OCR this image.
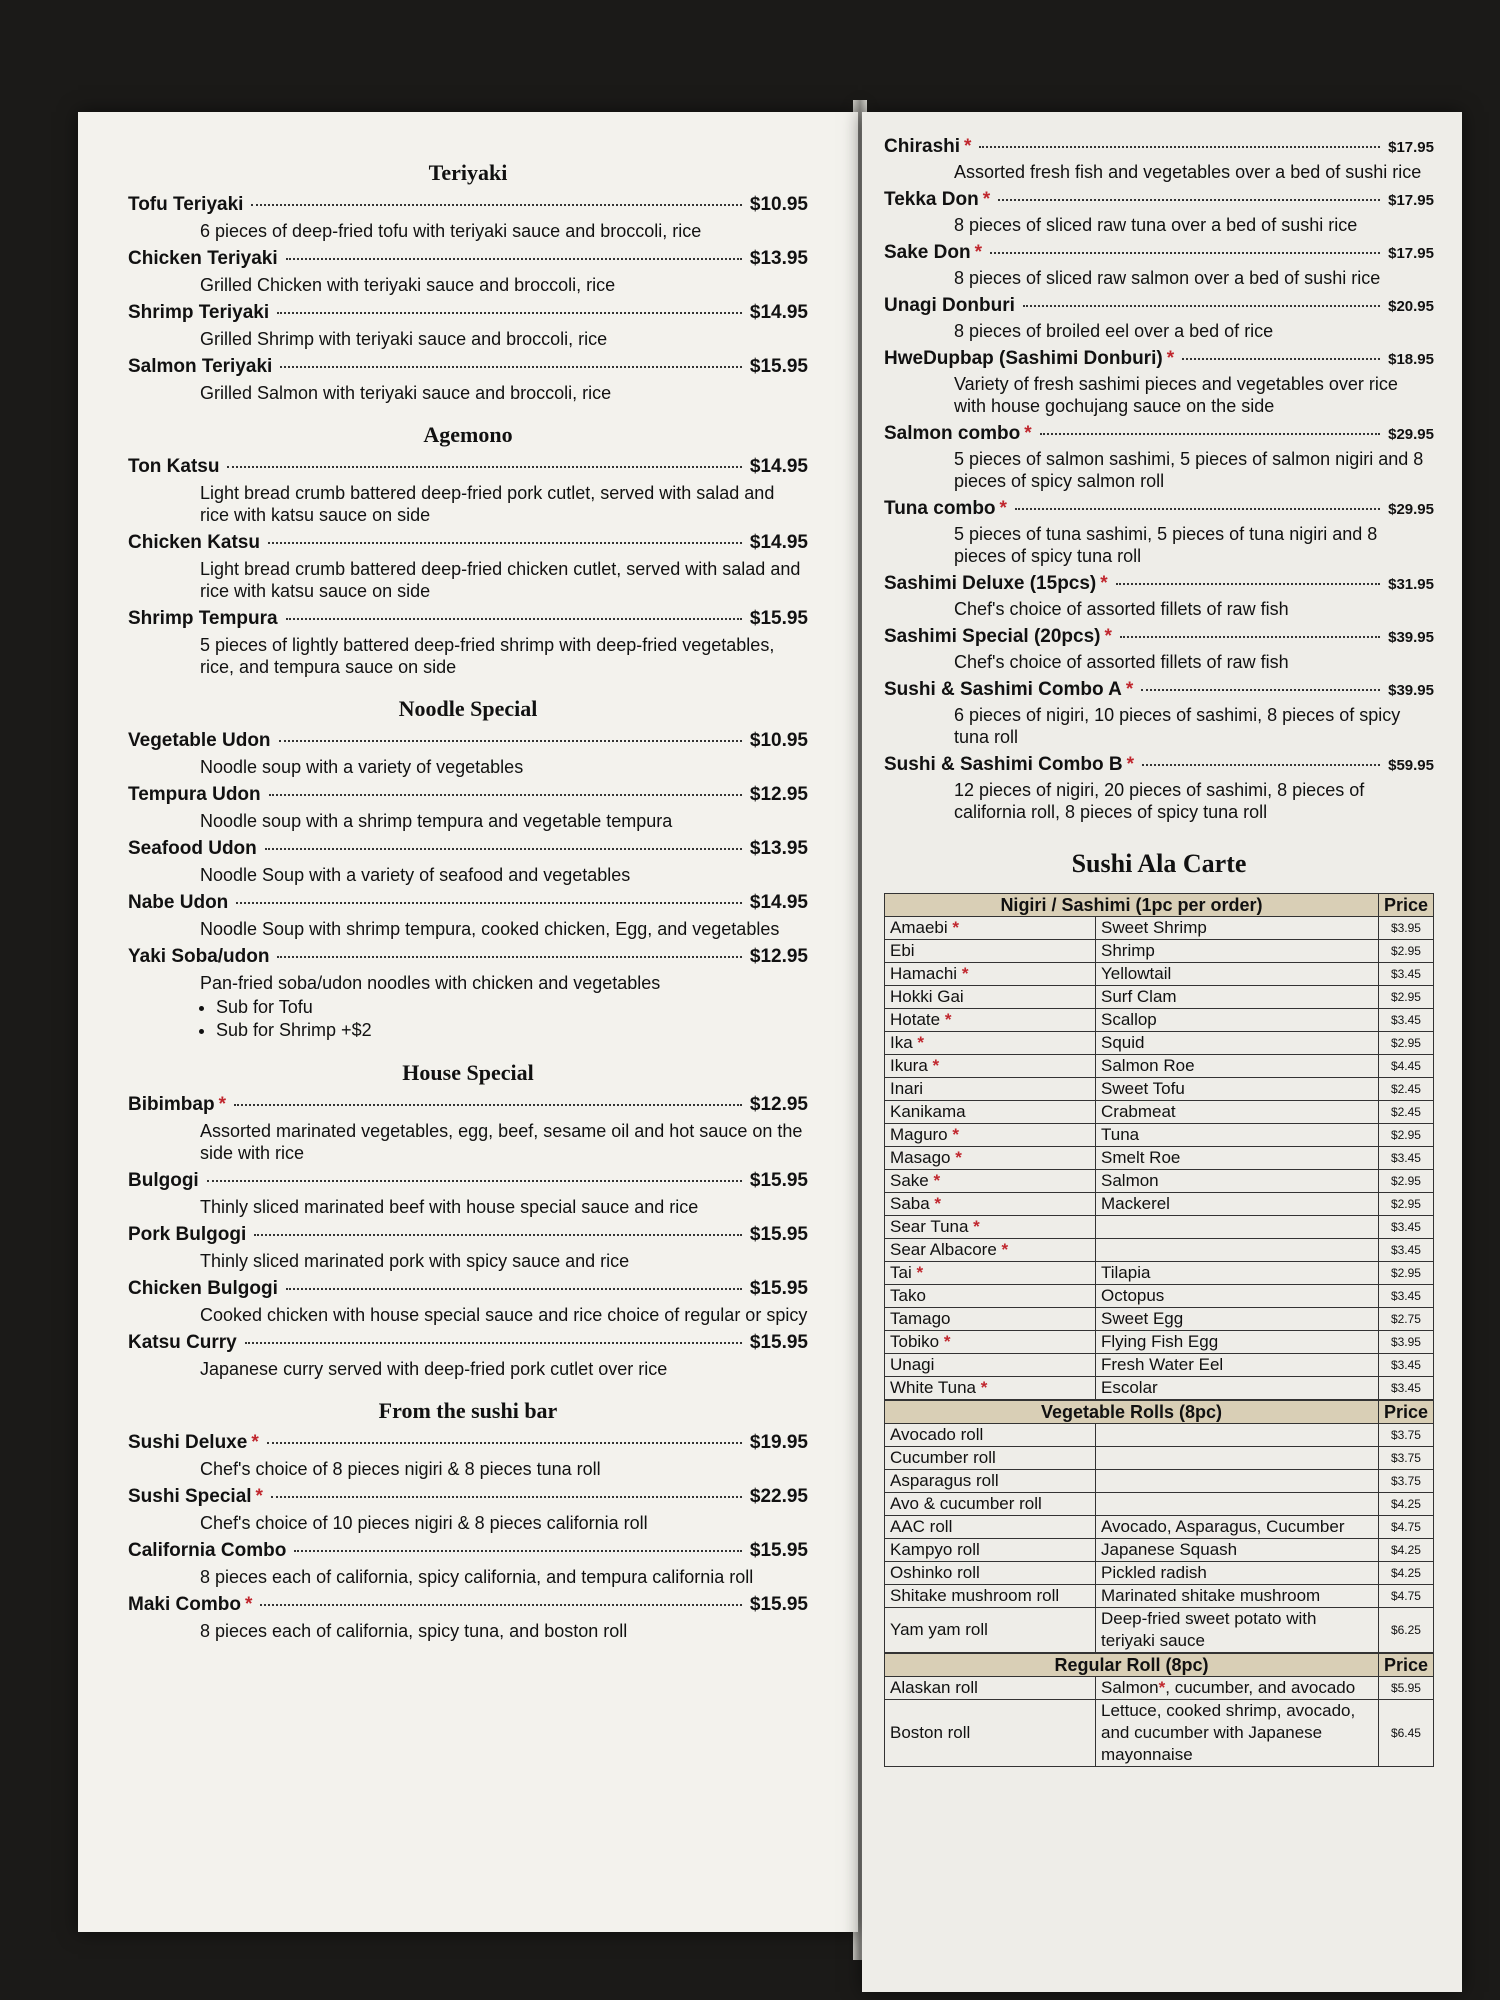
Teriyaki
Tofu Teriyaki	$10.95
6 pieces of deep-fried tofu with teriyaki sauce and broccoli, rice
Chicken Teriyaki	$13.95
Grilled Chicken with teriyaki sauce and broccoli, rice
Shrimp Teriyaki	$14.95
Grilled Shrimp with teriyaki sauce and broccoli, rice
Salmon Teriyaki	$15.95
Grilled Salmon with teriyaki sauce and broccoli, rice
Agemono
Ton Katsu	$14.95
Light bread crumb battered deep-fried pork cutlet, served with salad and rice with katsu sauce on side
Chicken Katsu	$14.95
Light bread crumb battered deep-fried chicken cutlet, served with salad and rice with katsu sauce on side
Shrimp Tempura	$15.95
5 pieces of lightly battered deep-fried shrimp with deep-fried vegetables, rice, and tempura sauce on side
Noodle Special
Vegetable Udon	$10.95
Noodle soup with a variety of vegetables
Tempura Udon	$12.95
Noodle soup with a shrimp tempura and vegetable tempura
Seafood Udon	$13.95
Noodle Soup with a variety of seafood and vegetables
Nabe Udon	$14.95
Noodle Soup with shrimp tempura, cooked chicken, Egg, and vegetables
Yaki Soba/udon	$12.95
Pan-fried soba/udon noodles with chicken and vegetables
• Sub for Tofu
• Sub for Shrimp +$2
House Special
Bibimbap *	$12.95
Assorted marinated vegetables, egg, beef, sesame oil and hot sauce on the side with rice
Bulgogi	$15.95
Thinly sliced marinated beef with house special sauce and rice
Pork Bulgogi	$15.95
Thinly sliced marinated pork with spicy sauce and rice
Chicken Bulgogi	$15.95
Cooked chicken with house special sauce and rice choice of regular or spicy
Katsu Curry	$15.95
Japanese curry served with deep-fried pork cutlet over rice
From the sushi bar
Sushi Deluxe *	$19.95
Chef's choice of 8 pieces nigiri & 8 pieces tuna roll
Sushi Special *	$22.95
Chef's choice of 10 pieces nigiri & 8 pieces california roll
California Combo	$15.95
8 pieces each of california, spicy california, and tempura california roll
Maki Combo *	$15.95
8 pieces each of california, spicy tuna, and boston roll
Chirashi *	$17.95
Assorted fresh fish and vegetables over a bed of sushi rice
Tekka Don *	$17.95
8 pieces of sliced raw tuna over a bed of sushi rice
Sake Don *	$17.95
8 pieces of sliced raw salmon over a bed of sushi rice
Unagi Donburi	$20.95
8 pieces of broiled eel over a bed of rice
HweDupbap (Sashimi Donburi) *	$18.95
Variety of fresh sashimi pieces and vegetables over rice with house gochujang sauce on the side
Salmon combo *	$29.95
5 pieces of salmon sashimi, 5 pieces of salmon nigiri and 8 pieces of spicy salmon roll
Tuna combo *	$29.95
5 pieces of tuna sashimi, 5 pieces of tuna nigiri and 8 pieces of spicy tuna roll
Sashimi Deluxe (15pcs) *	$31.95
Chef's choice of assorted fillets of raw fish
Sashimi Special (20pcs) *	$39.95
Chef's choice of assorted fillets of raw fish
Sushi & Sashimi Combo A *	$39.95
6 pieces of nigiri, 10 pieces of sashimi, 8 pieces of spicy tuna roll
Sushi & Sashimi Combo B *	$59.95
12 pieces of nigiri, 20 pieces of sashimi, 8 pieces of california roll, 8 pieces of spicy tuna roll
Sushi Ala Carte
Nigiri / Sashimi (1pc per order)		Price
Amaebi *	Sweet Shrimp	$3.95
Ebi	Shrimp	$2.95
Hamachi *	Yellowtail	$3.45
Hokki Gai	Surf Clam	$2.95
Hotate *	Scallop	$3.45
Ika *	Squid	$2.95
Ikura *	Salmon Roe	$4.45
Inari	Sweet Tofu	$2.45
Kanikama	Crabmeat	$2.45
Maguro *	Tuna	$2.95
Masago *	Smelt Roe	$3.45
Sake *	Salmon	$2.95
Saba *	Mackerel	$2.95
Sear Tuna *		$3.45
Sear Albacore *		$3.45
Tai *	Tilapia	$2.95
Tako	Octopus	$3.45
Tamago	Sweet Egg	$2.75
Tobiko *	Flying Fish Egg	$3.95
Unagi	Fresh Water Eel	$3.45
White Tuna *	Escolar	$3.45
Vegetable Rolls (8pc)		Price
Avocado roll		$3.75
Cucumber roll		$3.75
Asparagus roll		$3.75
Avo & cucumber roll		$4.25
AAC roll	Avocado, Asparagus, Cucumber	$4.75
Kampyo roll	Japanese Squash	$4.25
Oshinko roll	Pickled radish	$4.25
Shitake mushroom roll	Marinated shitake mushroom	$4.75
Yam yam roll	Deep-fried sweet potato with teriyaki sauce	$6.25
Regular Roll (8pc)		Price
Alaskan roll	Salmon*, cucumber, and avocado	$5.95
Boston roll	Lettuce, cooked shrimp, avocado, and cucumber with Japanese mayonnaise	$6.45
